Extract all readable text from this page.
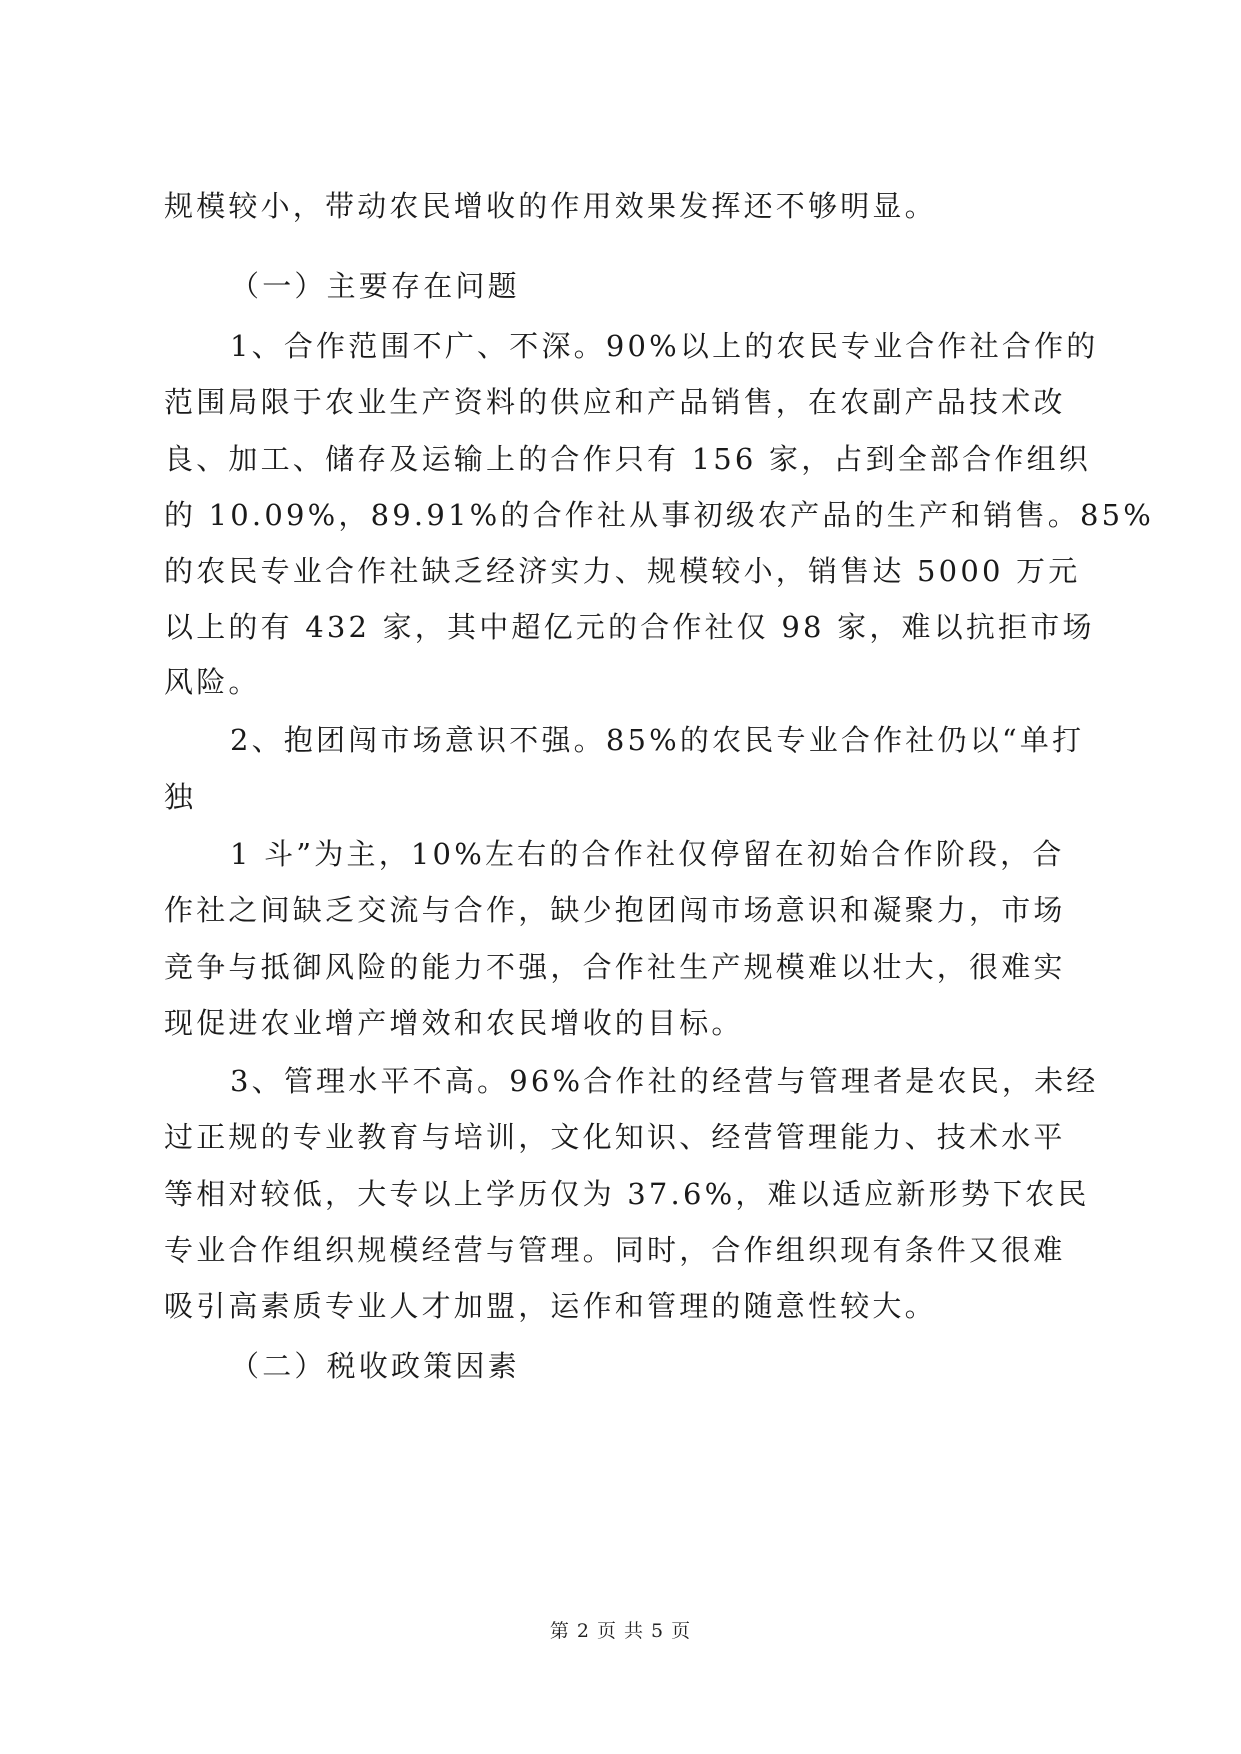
规模较小，带动农民增收的作用效果发挥还不够明显。
（一）主要存在问题
1、合作范围不广、不深。90%以上的农民专业合作社合作的
范围局限于农业生产资料的供应和产品销售，在农副产品技术改
良、加工、储存及运输上的合作只有 156 家，占到全部合作组织
的 10.09%，89.91%的合作社从事初级农产品的生产和销售。85%
的农民专业合作社缺乏经济实力、规模较小，销售达 5000 万元
以上的有 432 家，其中超亿元的合作社仅 98 家，难以抗拒市场
风险。
2、抱团闯市场意识不强。85%的农民专业合作社仍以“单打
独
1 斗”为主，10%左右的合作社仅停留在初始合作阶段，合
作社之间缺乏交流与合作，缺少抱团闯市场意识和凝聚力，市场
竞争与抵御风险的能力不强，合作社生产规模难以壮大，很难实
现促进农业增产增效和农民增收的目标。
3、管理水平不高。96%合作社的经营与管理者是农民，未经
过正规的专业教育与培训，文化知识、经营管理能力、技术水平
等相对较低，大专以上学历仅为 37.6%，难以适应新形势下农民
专业合作组织规模经营与管理。同时，合作组织现有条件又很难
吸引高素质专业人才加盟，运作和管理的随意性较大。
（二）税收政策因素
第 2 页 共 5 页
